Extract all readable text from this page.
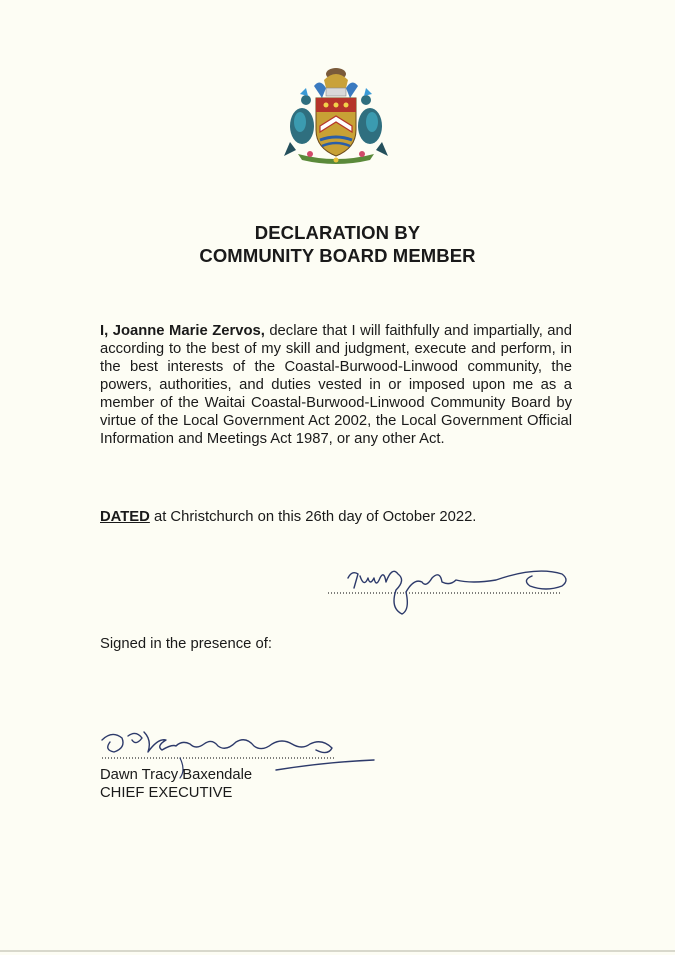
DECLARATION BY
COMMUNITY BOARD MEMBER
I, Joanne Marie Zervos, declare that I will faithfully and impartially, and according to the best of my skill and judgment, execute and perform, in the best interests of the Coastal-Burwood-Linwood community, the powers, authorities, and duties vested in or imposed upon me as a member of the Waitai Coastal-Burwood-Linwood Community Board by virtue of the Local Government Act 2002, the Local Government Official Information and Meetings Act 1987, or any other Act.
DATED at Christchurch on this 26th day of October 2022.
Signed in the presence of:
Dawn Tracy Baxendale
CHIEF EXECUTIVE
